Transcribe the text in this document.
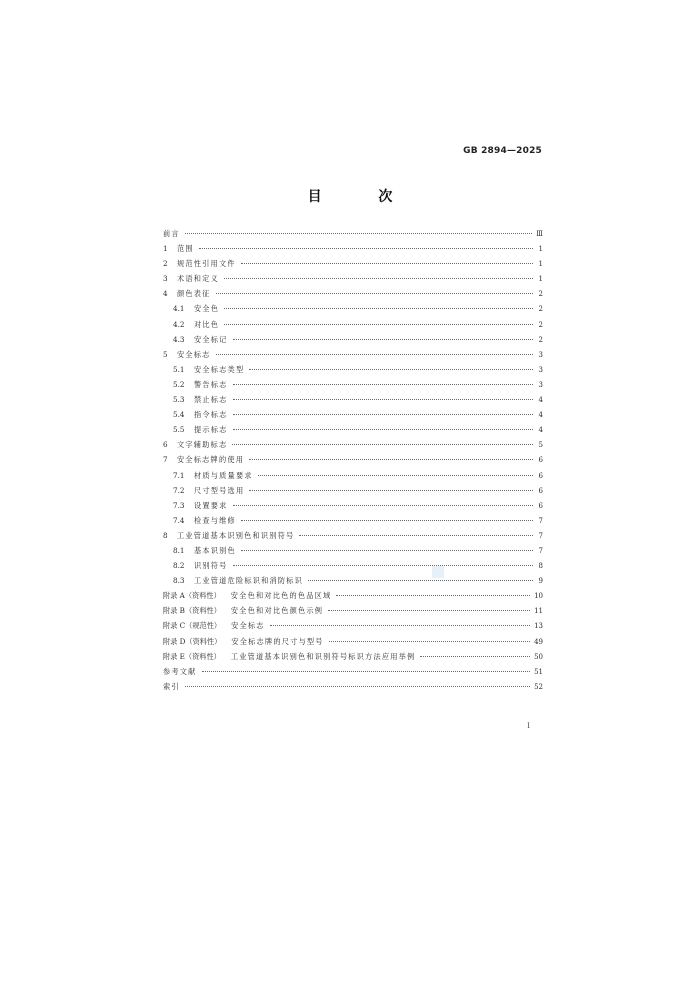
GB 2894—2025
目 次
前言	Ⅲ
1 范围	1
2 规范性引用文件	1
3 术语和定义	1
4 颜色表征	2
4.1 安全色	2
4.2 对比色	2
4.3 安全标记	2
5 安全标志	3
5.1 安全标志类型	3
5.2 警告标志	3
5.3 禁止标志	4
5.4 指令标志	4
5.5 提示标志	4
6 文字辅助标志	5
7 安全标志牌的使用	6
7.1 材质与质量要求	6
7.2 尺寸型号选用	6
7.3 设置要求	6
7.4 检查与维修	7
8 工业管道基本识别色和识别符号	7
8.1 基本识别色	7
8.2 识别符号	8
8.3 工业管道危险标识和消防标识	9
附录 A（资料性） 安全色和对比色的色品区域	10
附录 B（资料性） 安全色和对比色颜色示例	11
附录 C（规范性） 安全标志	13
附录 D（资料性） 安全标志牌的尺寸与型号	49
附录 E（资料性） 工业管道基本识别色和识别符号标识方法应用举例	50
参考文献	51
索引	52
I
